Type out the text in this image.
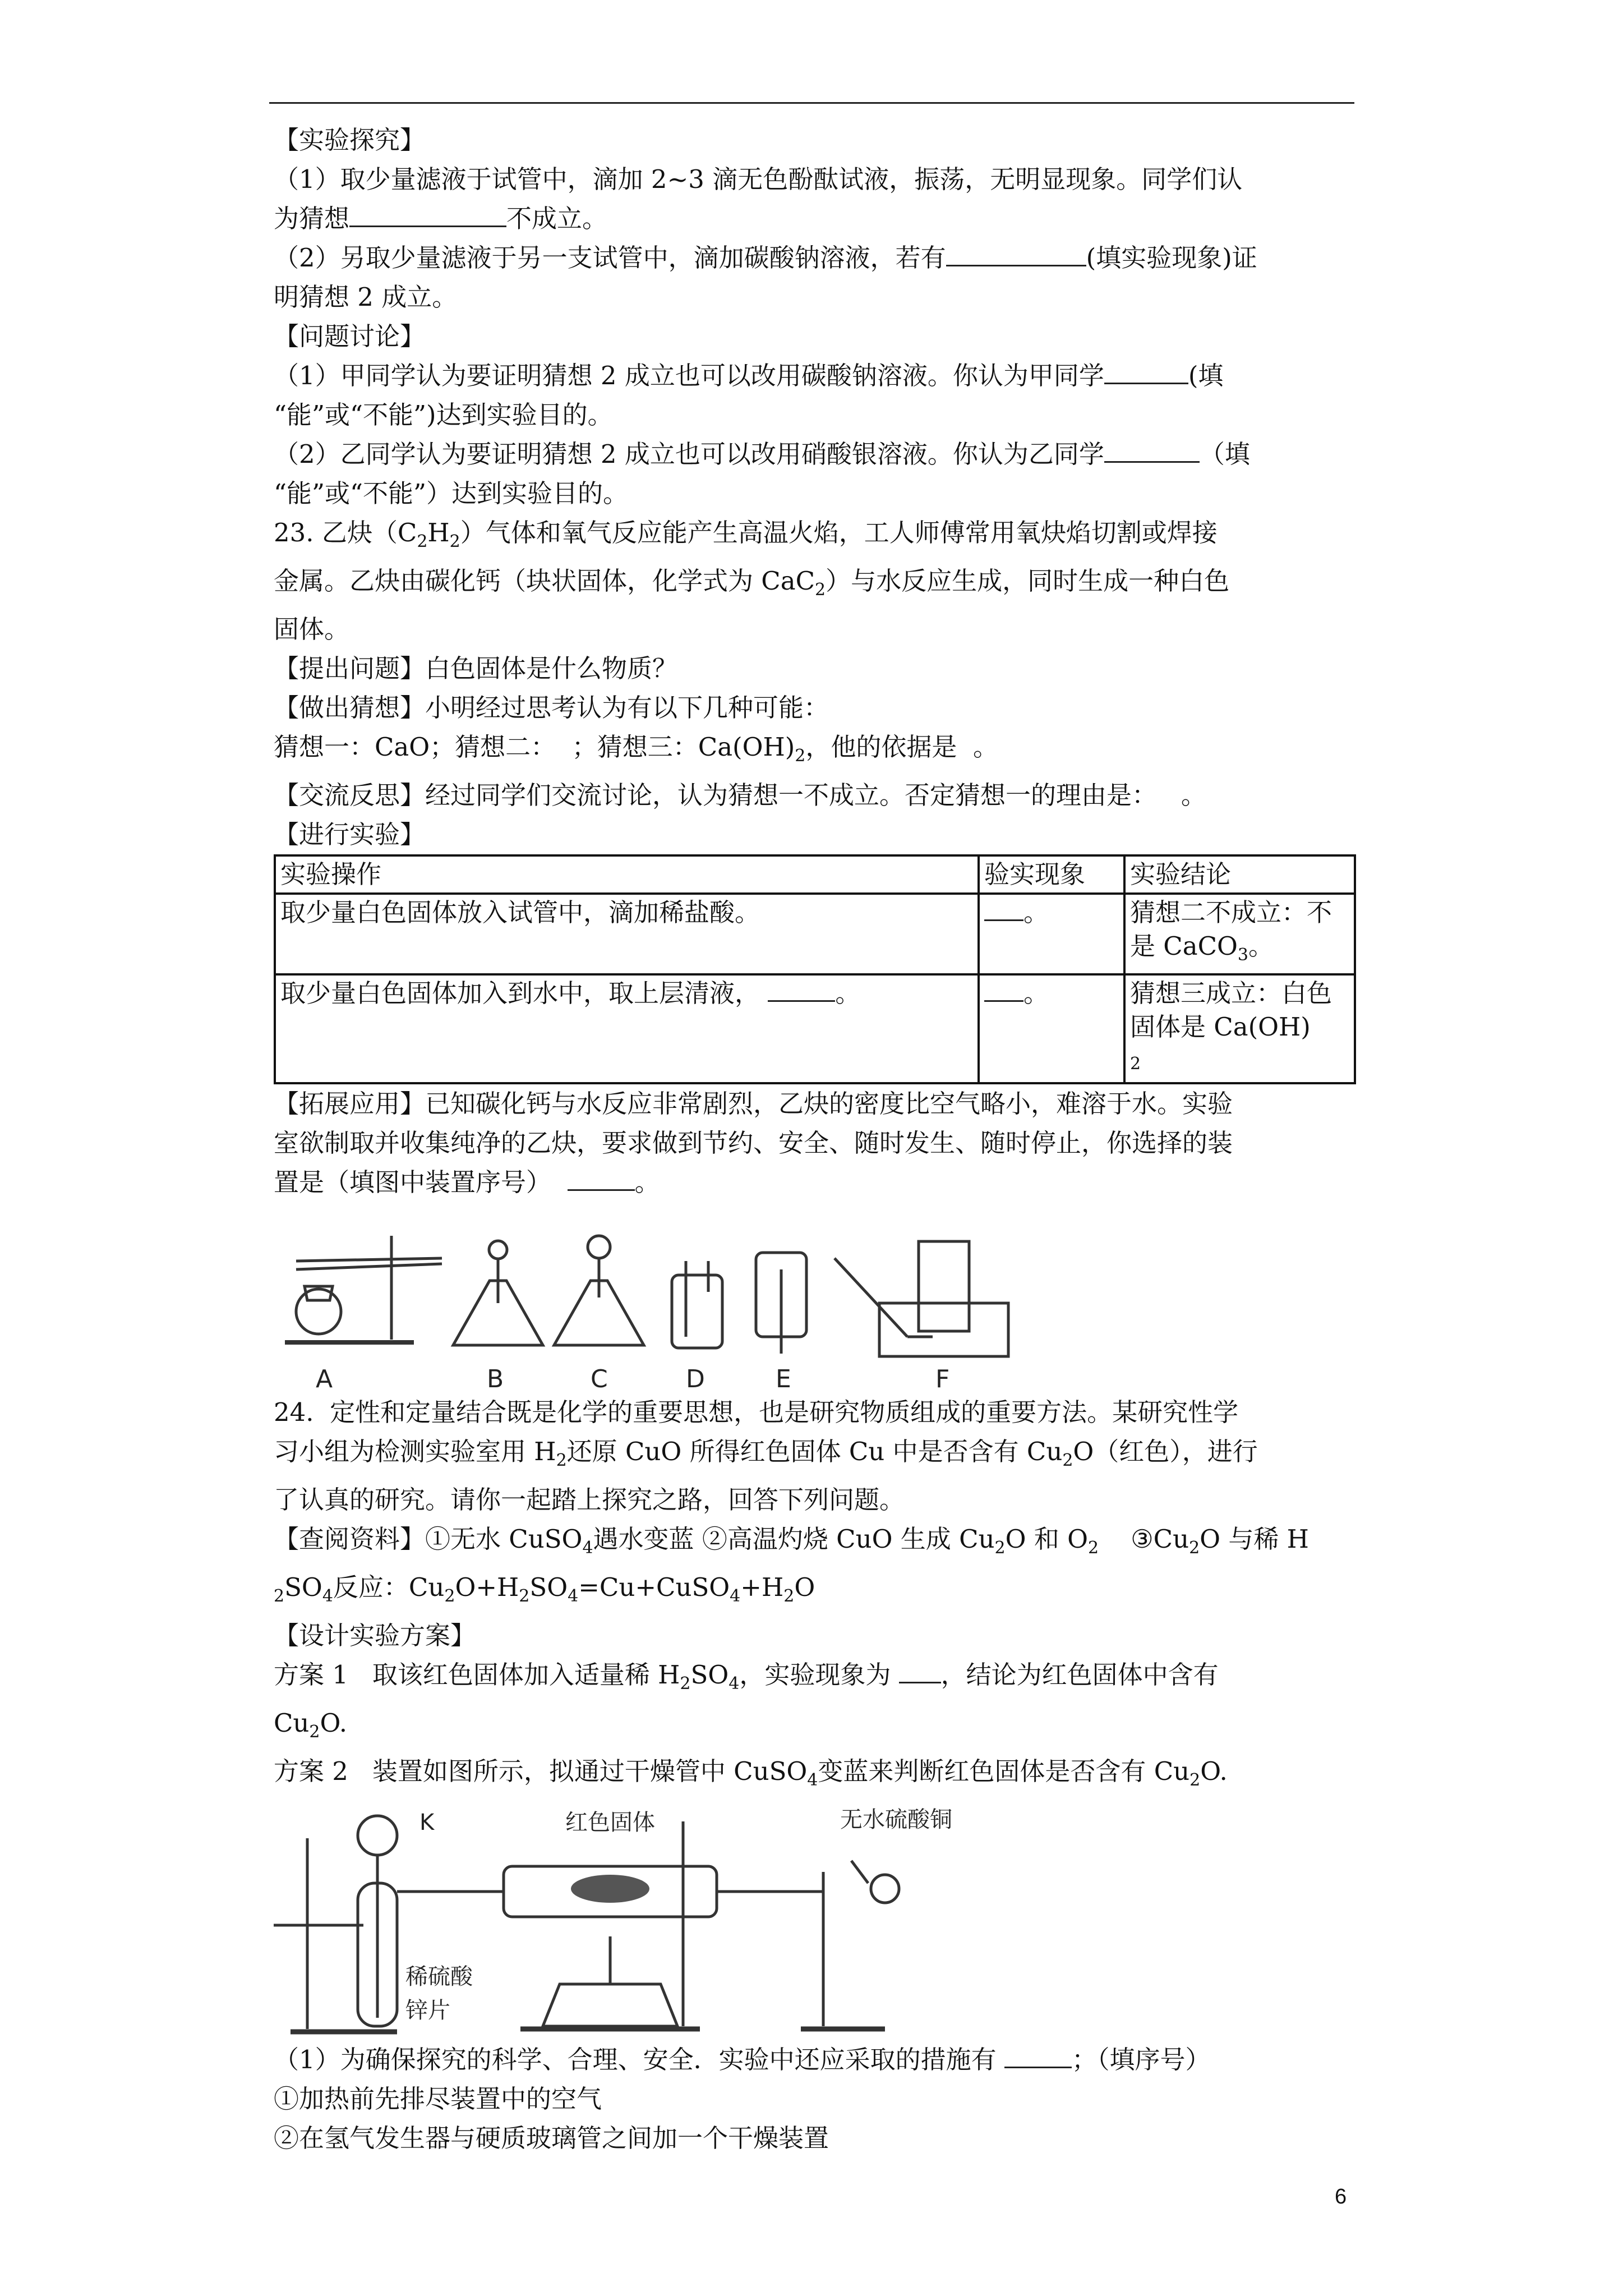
【实验探究】

（1）取少量滤液于试管中，滴加 2~3 滴无色酚酞试液，振荡，无明显现象。同学们认

为猜想	不成立。

（2）另取少量滤液于另一支试管中，滴加碳酸钠溶液，若有	(填实验现象)证

明猜想 2 成立。

【问题讨论】

（1）甲同学认为要证明猜想 2 成立也可以改用碳酸钠溶液。你认为甲同学	(填

“能”或“不能”)达到实验目的。

（2）乙同学认为要证明猜想 2 成立也可以改用硝酸银溶液。你认为乙同学	（填

“能”或“不能”）达到实验目的。

23. 乙炔$(C_2H_2)$气体和氧气反应能产生高温火焰，工人师傅常用氧炔焰切割或焊接

金属。乙炔由碳化钙（块状固体，化学式为 CaC$_2$）与水反应生成，同时生成一种白色

固体。

【提出问题】白色固体是什么物质？

【做出猜想】小明经过思考认为有以下几种可能：

猜想一：CaO；猜想二：  ；猜想三：$Ca(OH)_2$，他的依据是  。

【交流反思】经过同学们交流讨论，认为猜想一不成立。否定猜想一的理由是：   。

【进行实验】

实验操作	验实现象	实验结论
取少量白色固体放入试管中，滴加稀盐酸。	。	猜想二不成立：不是 CaCO$_3$。
取少量白色固体加入到水中，取上层清液， 。	。	猜想三成立：白色固体是 Ca(OH)
2

【拓展应用】已知碳化钙与水反应非常剧烈，乙炔的密度比空气略小，难溶于水。实验

室欲制取并收集纯净的乙炔，要求做到节约、安全、随时发生、随时停止，你选择的装

置是（填图中装置序号）	。

A	B	C	D	E	F

24.  定性和定量结合既是化学的重要思想，也是研究物质组成的重要方法。某研究性学

习小组为检测实验室用 $H_2$还原 CuO 所得红色固体 Cu 中是否含有 $Cu_2O$（红色），进行

了认真的研究。请你一起踏上探究之路，回答下列问题。

【查阅资料】①无水 CuSO$_4$遇水变蓝 ②高温灼烧 CuO 生成 $Cu_2O$ 和 $O_2$    $③Cu_2O$ 与稀 H

$_2SO_4$反应：$Cu_2O+H_2SO_4=Cu+CuSO_4+H_2O$

【设计实验方案】

方案 1   取该红色固体加入适量稀 $H_2SO_4$，实验现象为 ，结论为红色固体中含有

$Cu_2O$.

方案 2   装置如图所示，拟通过干燥管中 CuSO$_4$变蓝来判断红色固体是否含有 $Cu_2O$.

K	红色固体	无水硫酸铜
稀硫酸
锌片

（1）为确保探究的科学、合理、安全．实验中还应采取的措施有	；（填序号）

①加热前先排尽装置中的空气

②在氢气发生器与硬质玻璃管之间加一个干燥装置

6
